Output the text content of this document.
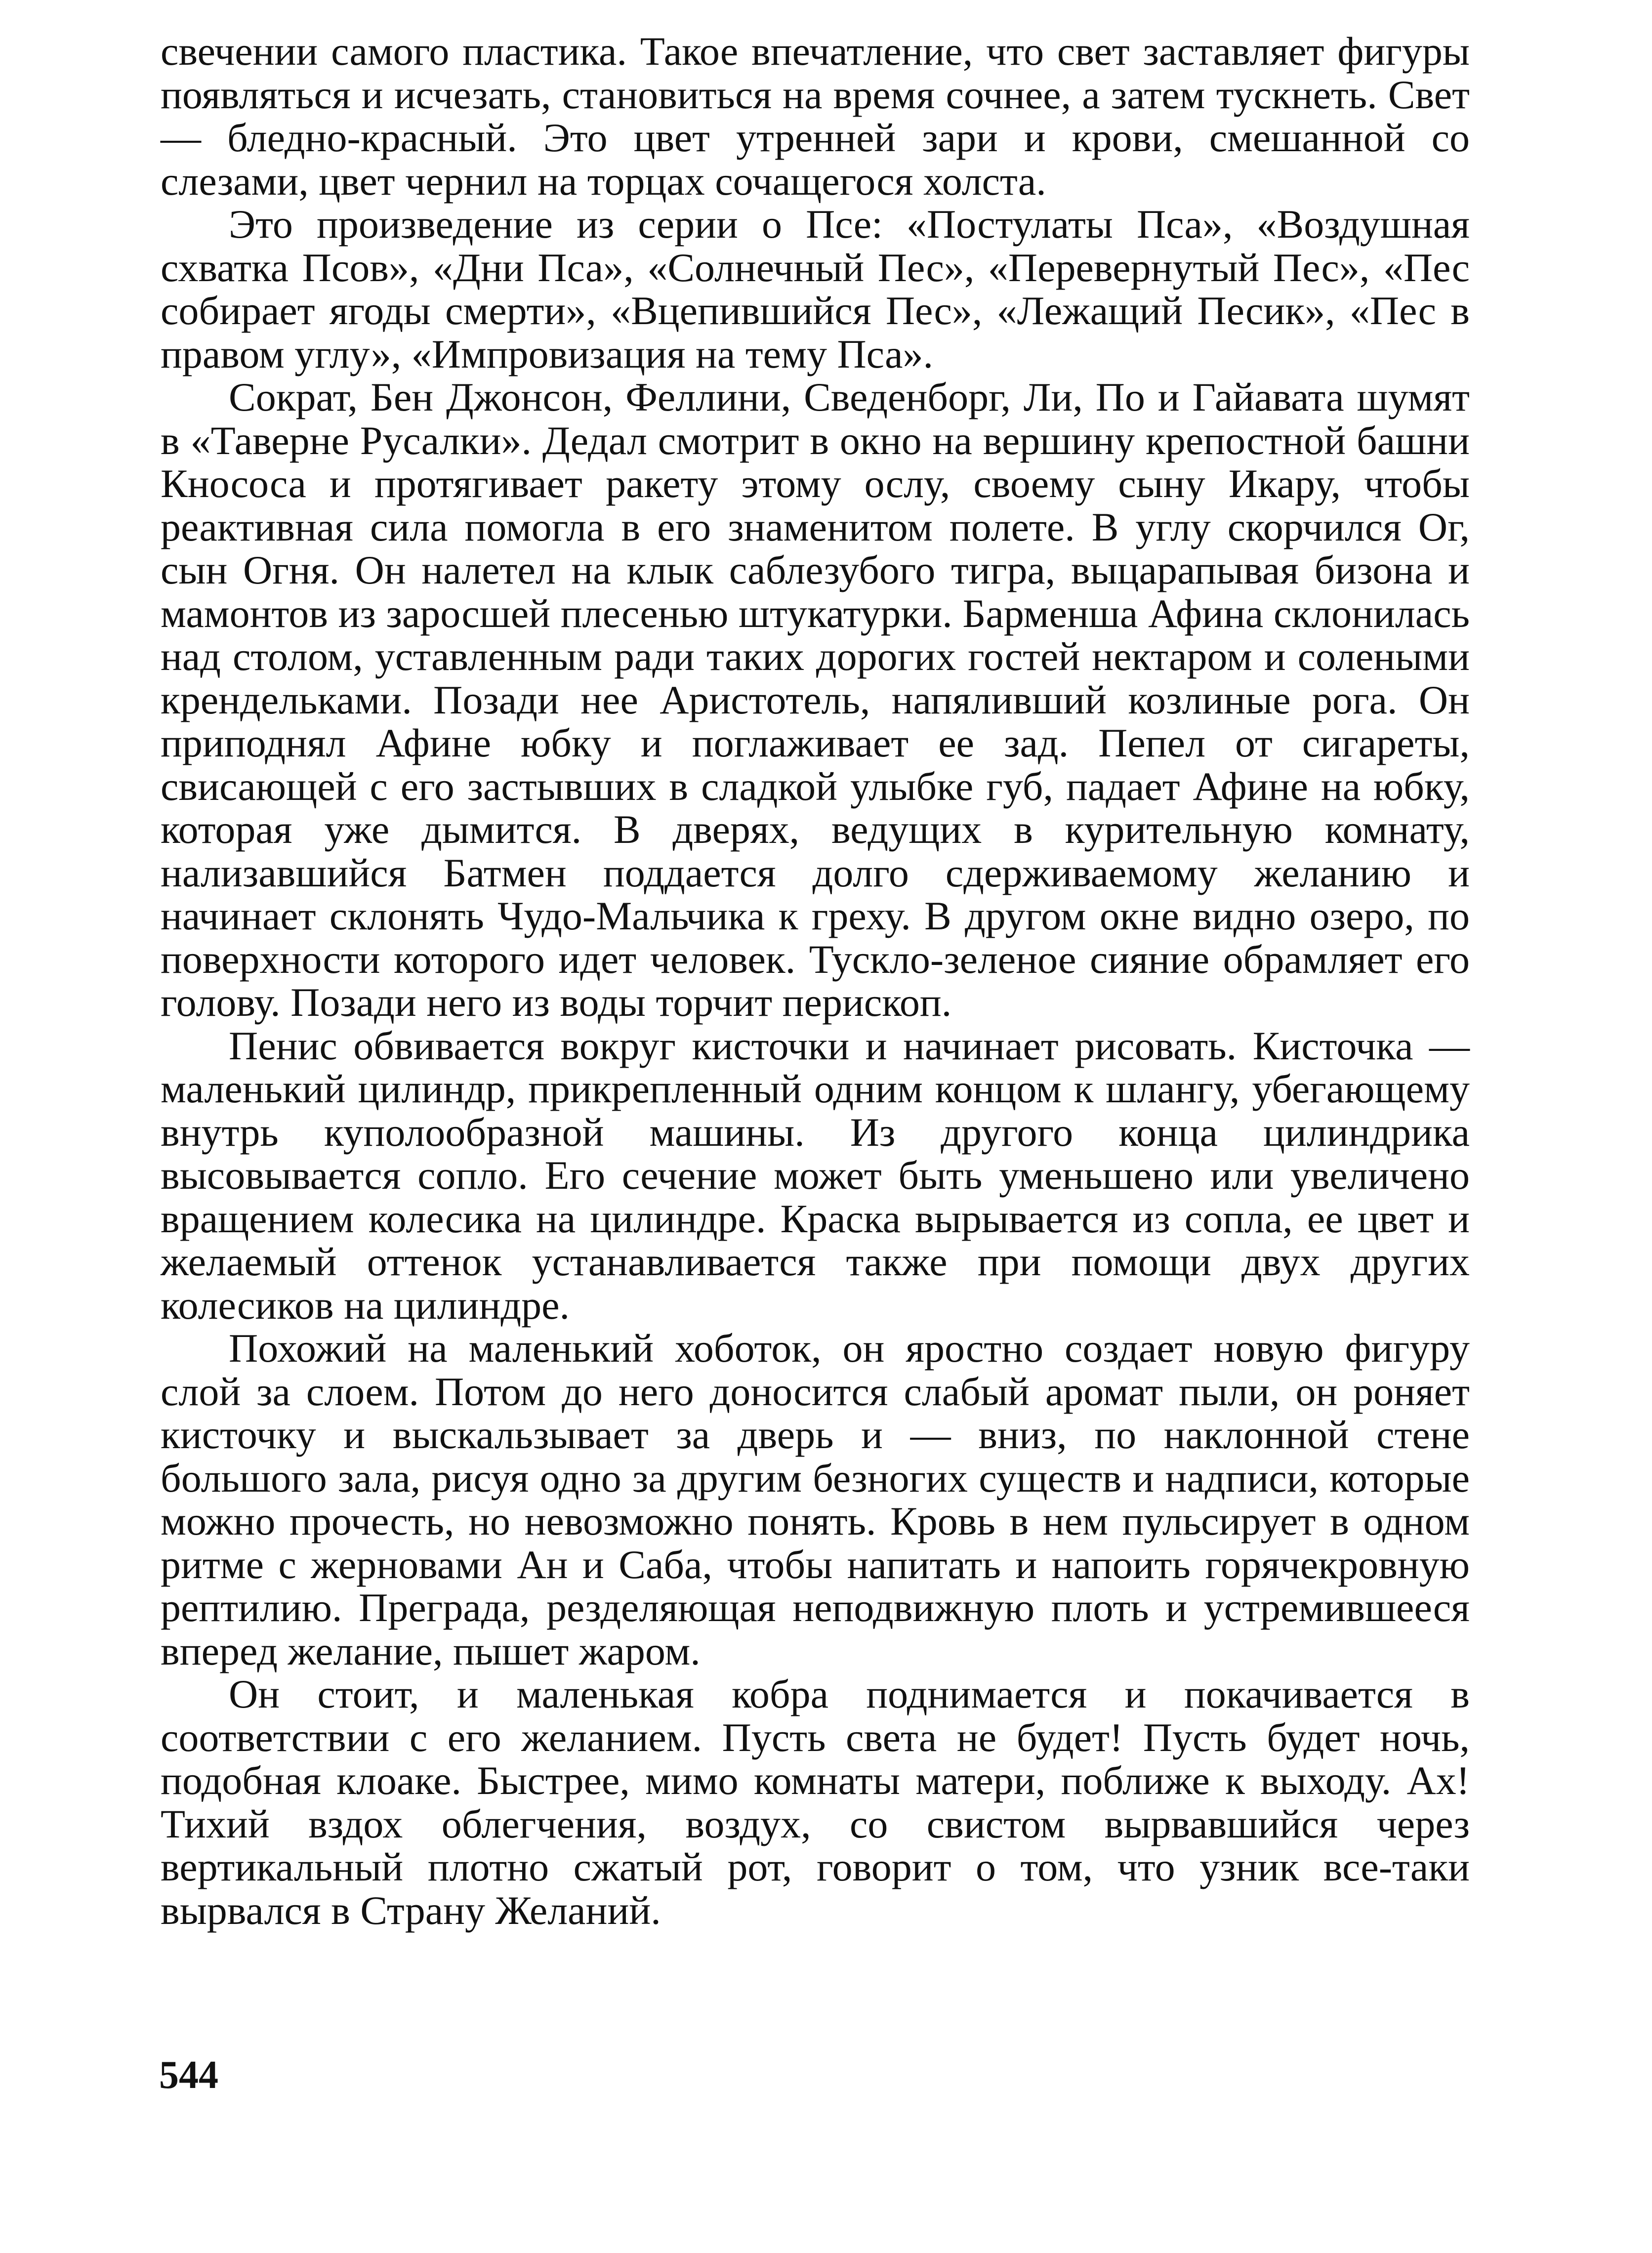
свечении самого пластика. Такое впечатление, что свет заставляет фигуры появляться и исчезать, становиться на время сочнее, а затем тускнеть. Свет — бледно-красный. Это цвет утренней зари и крови, смешанной со слезами, цвет чернил на торцах сочащегося холста.

Это произведение из серии о Псе: «Постулаты Пса», «Воздушная схватка Псов», «Дни Пса», «Солнечный Пес», «Перевернутый Пес», «Пес собирает ягоды смерти», «Вцепившийся Пес», «Лежащий Песик», «Пес в правом углу», «Импровизация на тему Пса».

Сократ, Бен Джонсон, Феллини, Сведенборг, Ли, По и Гайавата шумят в «Таверне Русалки». Дедал смотрит в окно на вершину крепостной башни Кнососа и протягивает ракету этому ослу, своему сыну Икару, чтобы реактивная сила помогла в его знаменитом полете. В углу скорчился Ог, сын Огня. Он налетел на клык саблезубого тигра, выцарапывая бизона и мамонтов из заросшей плесенью штукатурки. Барменша Афина склонилась над столом, уставленным ради таких дорогих гостей нектаром и солеными крендельками. Позади нее Аристотель, напяливший козлиные рога. Он приподнял Афине юбку и поглаживает ее зад. Пепел от сигареты, свисающей с его застывших в сладкой улыбке губ, падает Афине на юбку, которая уже дымится. В дверях, ведущих в курительную комнату, нализавшийся Батмен поддается долго сдерживаемому желанию и начинает склонять Чудо-Мальчика к греху. В другом окне видно озеро, по поверхности которого идет человек. Тускло-зеленое сияние обрамляет его голову. Позади него из воды торчит перископ.

Пенис обвивается вокруг кисточки и начинает рисовать. Кисточка — маленький цилиндр, прикрепленный одним концом к шлангу, убегающему внутрь куполообразной машины. Из другого конца цилиндрика высовывается сопло. Его сечение может быть уменьшено или увеличено вращением колесика на цилиндре. Краска вырывается из сопла, ее цвет и желаемый оттенок устанавливается также при помощи двух других колесиков на цилиндре.

Похожий на маленький хоботок, он яростно создает новую фигуру слой за слоем. Потом до него доносится слабый аромат пыли, он роняет кисточку и выскальзывает за дверь и — вниз, по наклонной стене большого зала, рисуя одно за другим безногих существ и надписи, которые можно прочесть, но невозможно понять. Кровь в нем пульсирует в одном ритме с жерновами Ан и Саба, чтобы напитать и напоить горячекровную рептилию. Преграда, резделяющая неподвижную плоть и устремившееся вперед желание, пышет жаром.

Он стоит, и маленькая кобра поднимается и покачивается в соответствии с его желанием. Пусть света не будет! Пусть будет ночь, подобная клоаке. Быстрее, мимо комнаты матери, поближе к выходу. Ах! Тихий вздох облегчения, воздух, со свистом вырвавшийся через вертикальный плотно сжатый рот, говорит о том, что узник все-таки вырвался в Страну Желаний.

544
